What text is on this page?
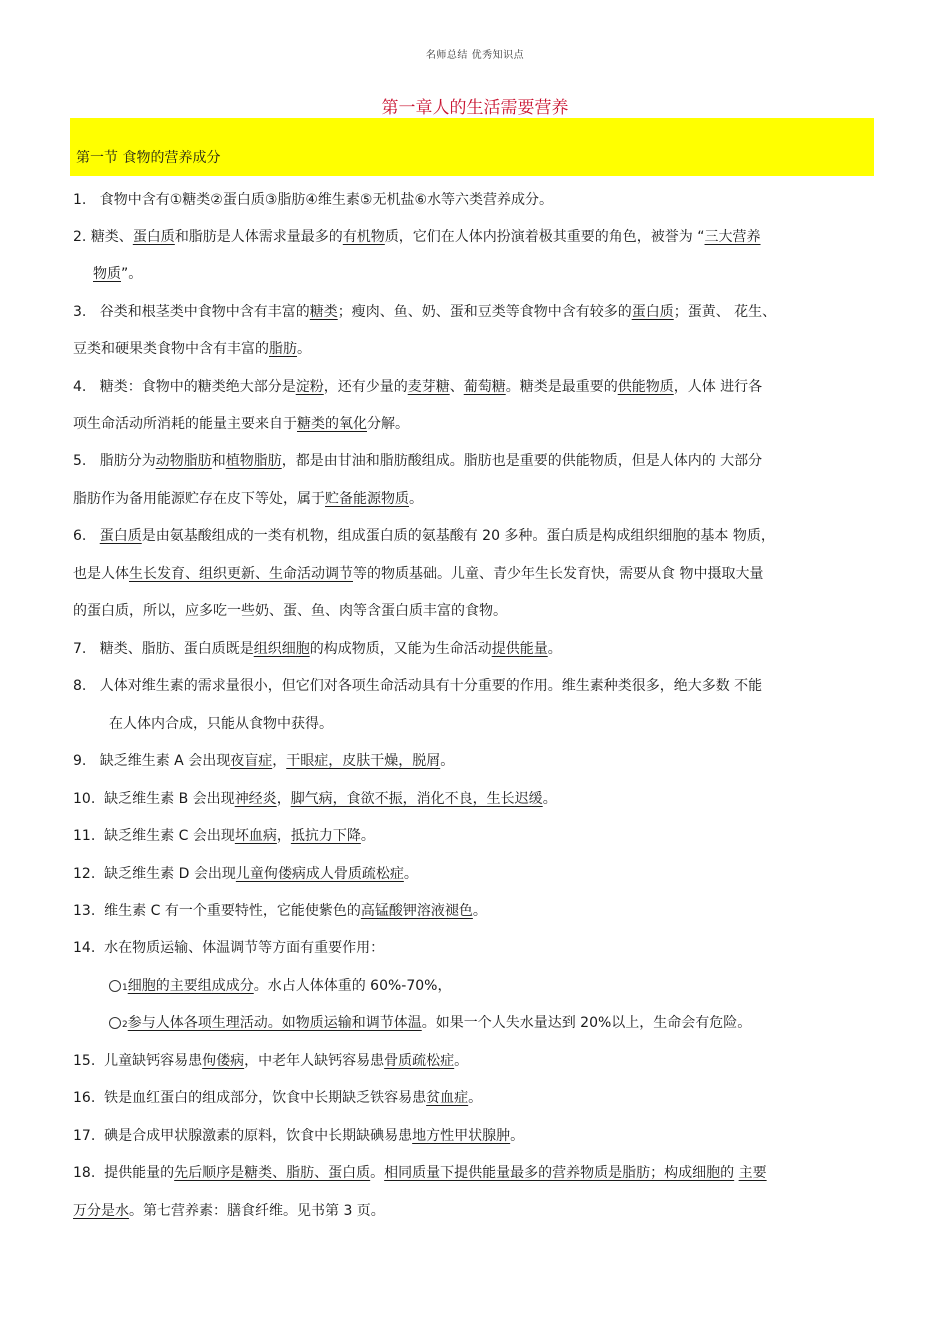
名师总结 优秀知识点
第一章人的生活需要营养
第一节 食物的营养成分
1. 食物中含有①糖类②蛋白质③脂肪④维生素⑤无机盐⑥水等六类营养成分。
2. 糖类、蛋白质和脂肪是人体需求量最多的有机物质，它们在人体内扮演着极其重要的角色，被誉为 “三大营养
物质”。
3. 谷类和根茎类中食物中含有丰富的糖类；瘦肉、鱼、奶、蛋和豆类等食物中含有较多的蛋白质；蛋黄、 花生、
豆类和硬果类食物中含有丰富的脂肪。
4. 糖类：食物中的糖类绝大部分是淀粉，还有少量的麦芽糖、葡萄糖。糖类是最重要的供能物质，人体 进行各
项生命活动所消耗的能量主要来自于糖类的氧化分解。
5. 脂肪分为动物脂肪和植物脂肪，都是由甘油和脂肪酸组成。脂肪也是重要的供能物质，但是人体内的 大部分
脂肪作为备用能源贮存在皮下等处，属于贮备能源物质。
6. 蛋白质是由氨基酸组成的一类有机物，组成蛋白质的氨基酸有 20 多种。蛋白质是构成组织细胞的基本 物质，
也是人体生长发育、组织更新、生命活动调节等的物质基础。儿童、青少年生长发育快，需要从食 物中摄取大量
的蛋白质，所以，应多吃一些奶、蛋、鱼、肉等含蛋白质丰富的食物。
7. 糖类、脂肪、蛋白质既是组织细胞的构成物质，又能为生命活动提供能量。
8. 人体对维生素的需求量很小，但它们对各项生命活动具有十分重要的作用。维生素种类很多，绝大多数 不能
在人体内合成，只能从食物中获得。
9. 缺乏维生素 A 会出现夜盲症，干眼症，皮肤干燥，脱屑。
10. 缺乏维生素 B 会出现神经炎，脚气病，食欲不振，消化不良，生长迟缓。
11. 缺乏维生素 C 会出现坏血病，抵抗力下降。
12. 缺乏维生素 D 会出现儿童佝偻病成人骨质疏松症。
13. 维生素 C 有一个重要特性，它能使紫色的高锰酸钾溶液褪色。
14. 水在物质运输、体温调节等方面有重要作用：
1细胞的主要组成成分。水占人体体重的 60%-70%，
2参与人体各项生理活动。如物质运输和调节体温。如果一个人失水量达到 20%以上，生命会有危险。
15. 儿童缺钙容易患佝偻病，中老年人缺钙容易患骨质疏松症。
16. 铁是血红蛋白的组成部分，饮食中长期缺乏铁容易患贫血症。
17. 碘是合成甲状腺激素的原料，饮食中长期缺碘易患地方性甲状腺肿。
18. 提供能量的先后顺序是糖类、脂肪、蛋白质。相同质量下提供能量最多的营养物质是脂肪；构成细胞的 主要
万分是水。第七营养素：膳食纤维。见书第 3 页。
